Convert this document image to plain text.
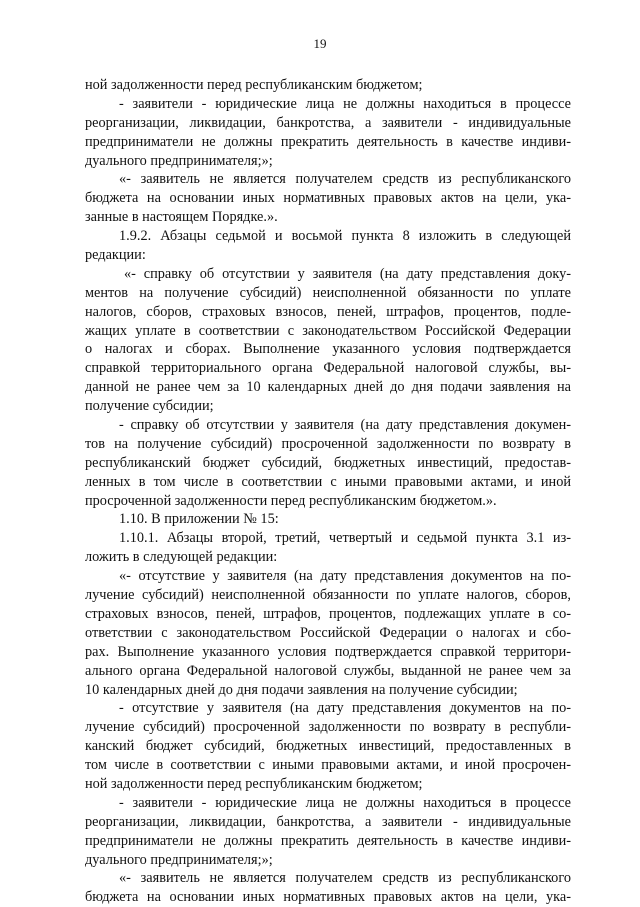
19
ной задолженности перед республиканским бюджетом;
- заявители - юридические лица не должны находиться в процессе
реорганизации, ликвидации, банкротства, а заявители - индивидуальные
предприниматели не должны прекратить деятельность в качестве индиви-
дуального предпринимателя;»;
«- заявитель не является получателем средств из республиканского
бюджета на основании иных нормативных правовых актов на цели, ука-
занные в настоящем Порядке.».
1.9.2. Абзацы седьмой и восьмой пункта 8 изложить в следующей
редакции:
«- справку об отсутствии у заявителя (на дату представления доку-
ментов на получение субсидий) неисполненной обязанности по уплате
налогов, сборов, страховых взносов, пеней, штрафов, процентов, подле-
жащих уплате в соответствии с законодательством Российской Федерации
о налогах и сборах. Выполнение указанного условия подтверждается
справкой территориального органа Федеральной налоговой службы, вы-
данной не ранее чем за 10 календарных дней до дня подачи заявления на
получение субсидии;
- справку об отсутствии у заявителя (на дату представления докумен-
тов на получение субсидий) просроченной задолженности по возврату в
республиканский бюджет субсидий, бюджетных инвестиций, предостав-
ленных в том числе в соответствии с иными правовыми актами, и иной
просроченной задолженности перед республиканским бюджетом.».
1.10. В приложении № 15:
1.10.1. Абзацы второй, третий, четвертый и седьмой пункта 3.1 из-
ложить в следующей редакции:
«- отсутствие у заявителя (на дату представления документов на по-
лучение субсидий) неисполненной обязанности по уплате налогов, сборов,
страховых взносов, пеней, штрафов, процентов, подлежащих уплате в со-
ответствии с законодательством Российской Федерации о налогах и сбо-
рах. Выполнение указанного условия подтверждается справкой территори-
ального органа Федеральной налоговой службы, выданной не ранее чем за
10 календарных дней до дня подачи заявления на получение субсидии;
- отсутствие у заявителя (на дату представления документов на по-
лучение субсидий) просроченной задолженности по возврату в республи-
канский бюджет субсидий, бюджетных инвестиций, предоставленных в
том числе в соответствии с иными правовыми актами, и иной просрочен-
ной задолженности перед республиканским бюджетом;
- заявители - юридические лица не должны находиться в процессе
реорганизации, ликвидации, банкротства, а заявители - индивидуальные
предприниматели не должны прекратить деятельность в качестве индиви-
дуального предпринимателя;»;
«- заявитель не является получателем средств из республиканского
бюджета на основании иных нормативных правовых актов на цели, ука-
